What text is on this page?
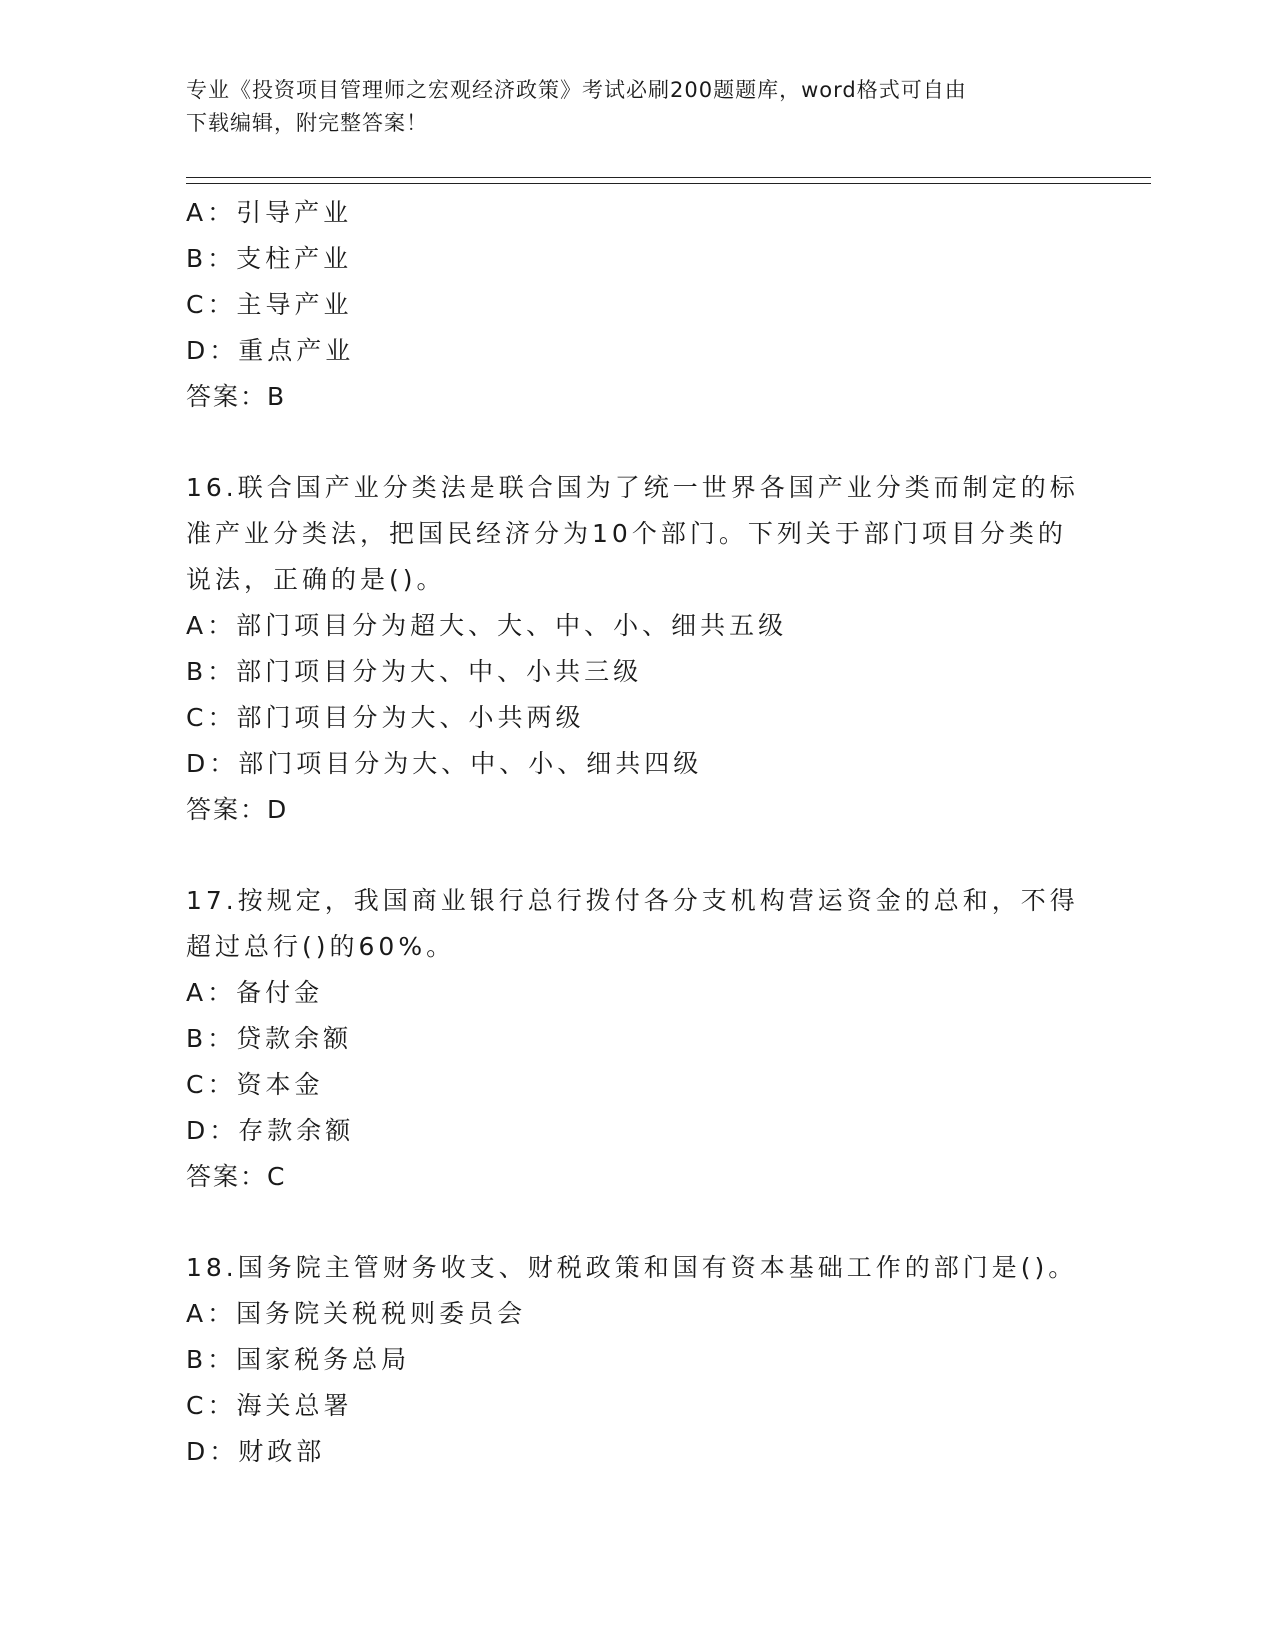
专业《投资项目管理师之宏观经济政策》考试必刷200题题库，word格式可自由
下载编辑，附完整答案！
A：引导产业
B：支柱产业
C：主导产业
D：重点产业
答案：B
16.联合国产业分类法是联合国为了统一世界各国产业分类而制定的标
准产业分类法，把国民经济分为10个部门。下列关于部门项目分类的
说法，正确的是()。
A：部门项目分为超大、大、中、小、细共五级
B：部门项目分为大、中、小共三级
C：部门项目分为大、小共两级
D：部门项目分为大、中、小、细共四级
答案：D
17.按规定，我国商业银行总行拨付各分支机构营运资金的总和，不得
超过总行()的60%。
A：备付金
B：贷款余额
C：资本金
D：存款余额
答案：C
18.国务院主管财务收支、财税政策和国有资本基础工作的部门是()。
A：国务院关税税则委员会
B：国家税务总局
C：海关总署
D：财政部
